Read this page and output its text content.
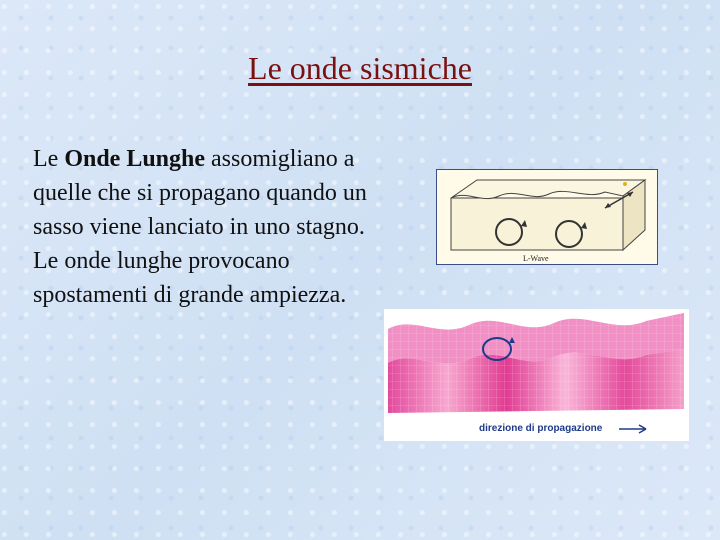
Le onde sismiche

Le Onde Lunghe assomigliano a quelle che si propagano quando un sasso viene lanciato in uno stagno.

Le onde lunghe provocano spostamenti di grande ampiezza.

L-Wave
direzione di propagazione
